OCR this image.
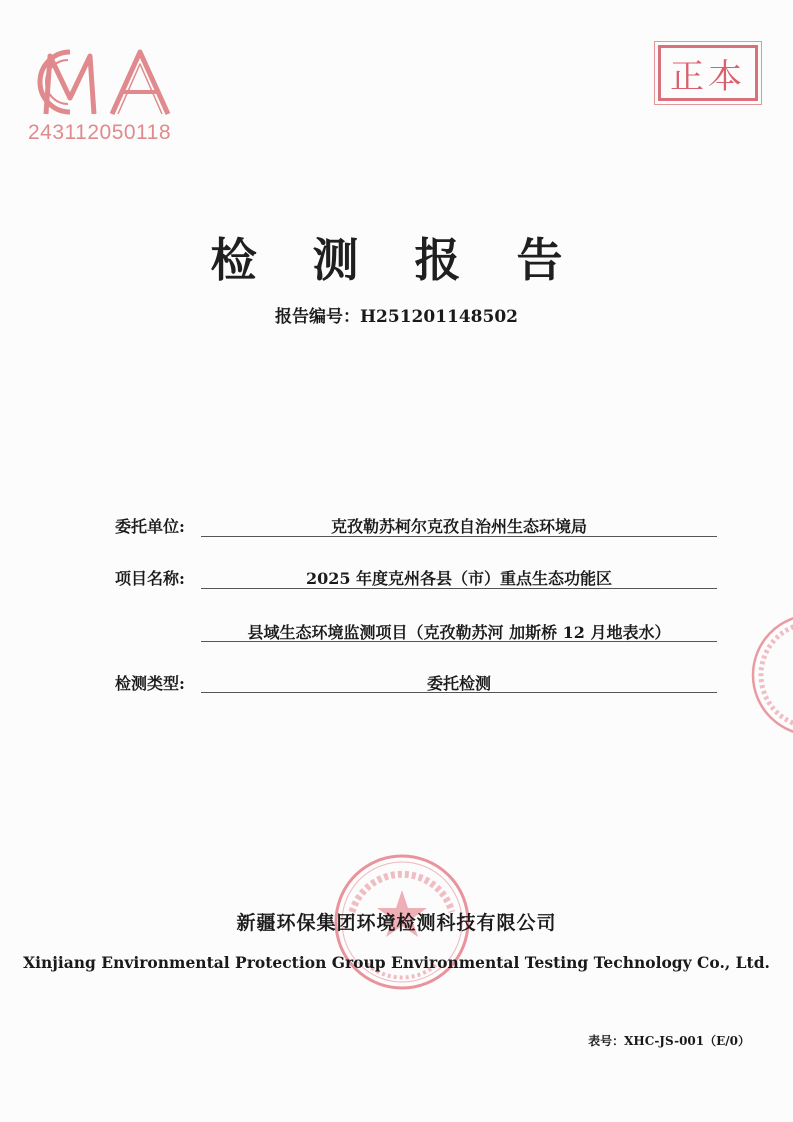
243112050118
正本
检 测 报 告
报告编号：H251201148502
委托单位:	克孜勒苏柯尔克孜自治州生态环境局
项目名称:	2025 年度克州各县（市）重点生态功能区
县域生态环境监测项目（克孜勒苏河 加斯桥 12 月地表水）
检测类型:	委托检测
新疆环保集团环境检测科技有限公司
Xinjiang Environmental Protection Group Environmental Testing Technology Co., Ltd.
表号：XHC-JS-001（E/0）
